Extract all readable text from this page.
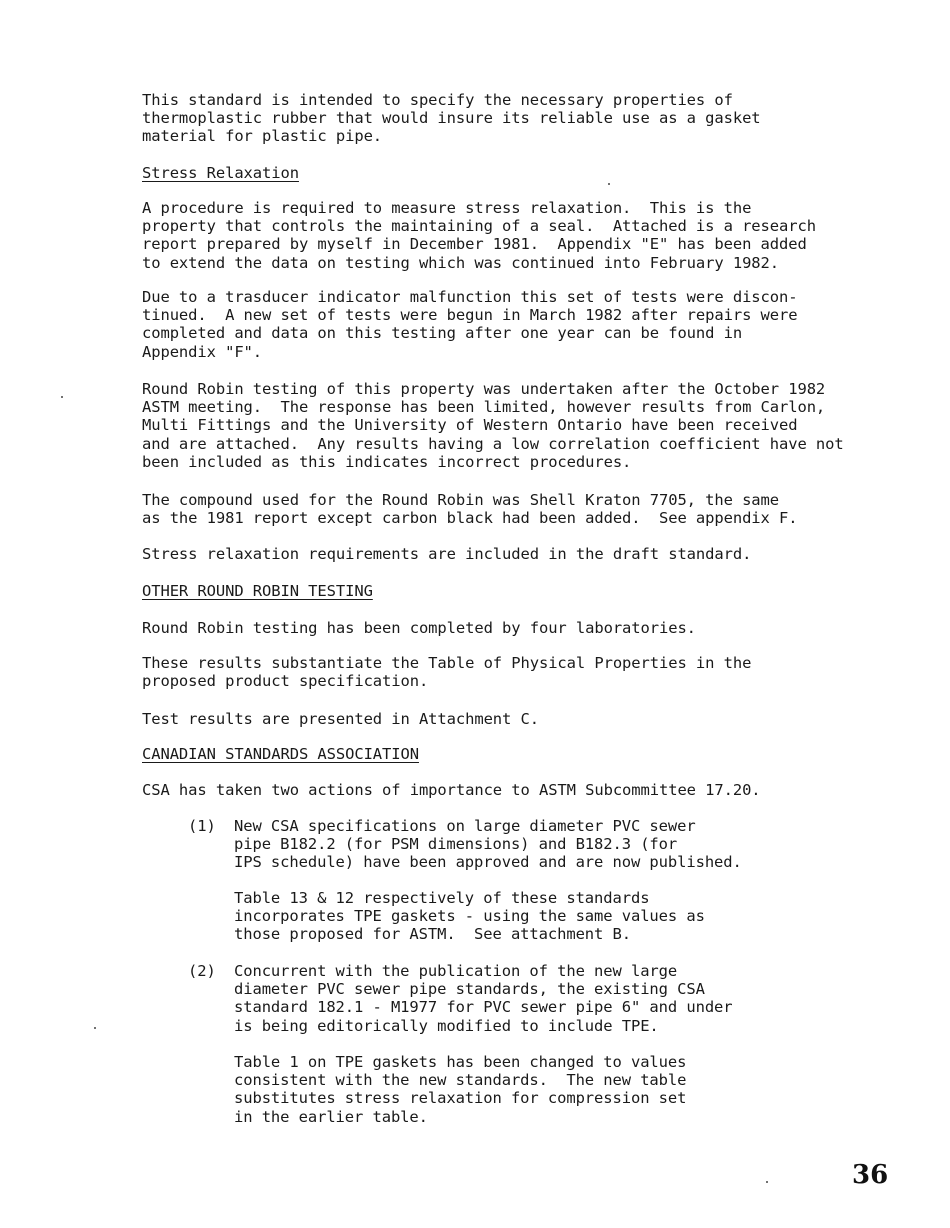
This standard is intended to specify the necessary properties of
thermoplastic rubber that would insure its reliable use as a gasket
material for plastic pipe.

Stress Relaxation

A procedure is required to measure stress relaxation.  This is the
property that controls the maintaining of a seal.  Attached is a research
report prepared by myself in December 1981.  Appendix "E" has been added
to extend the data on testing which was continued into February 1982.

Due to a trasducer indicator malfunction this set of tests were discon-
tinued.  A new set of tests were begun in March 1982 after repairs were
completed and data on this testing after one year can be found in
Appendix "F".

Round Robin testing of this property was undertaken after the October 1982
ASTM meeting.  The response has been limited, however results from Carlon,
Multi Fittings and the University of Western Ontario have been received
and are attached.  Any results having a low correlation coefficient have not
been included as this indicates incorrect procedures.

The compound used for the Round Robin was Shell Kraton 7705, the same
as the 1981 report except carbon black had been added.  See appendix F.

Stress relaxation requirements are included in the draft standard.

OTHER ROUND ROBIN TESTING

Round Robin testing has been completed by four laboratories.

These results substantiate the Table of Physical Properties in the
proposed product specification.

Test results are presented in Attachment C.

CANADIAN STANDARDS ASSOCIATION

CSA has taken two actions of importance to ASTM Subcommittee 17.20.

(1) New CSA specifications on large diameter PVC sewer
pipe B182.2 (for PSM dimensions) and B182.3 (for
IPS schedule) have been approved and are now published.

Table 13 & 12 respectively of these standards
incorporates TPE gaskets - using the same values as
those proposed for ASTM.  See attachment B.

(2) Concurrent with the publication of the new large
diameter PVC sewer pipe standards, the existing CSA
standard 182.1 - M1977 for PVC sewer pipe 6" and under
is being editorically modified to include TPE.

Table 1 on TPE gaskets has been changed to values
consistent with the new standards.  The new table
substitutes stress relaxation for compression set
in the earlier table.

36
